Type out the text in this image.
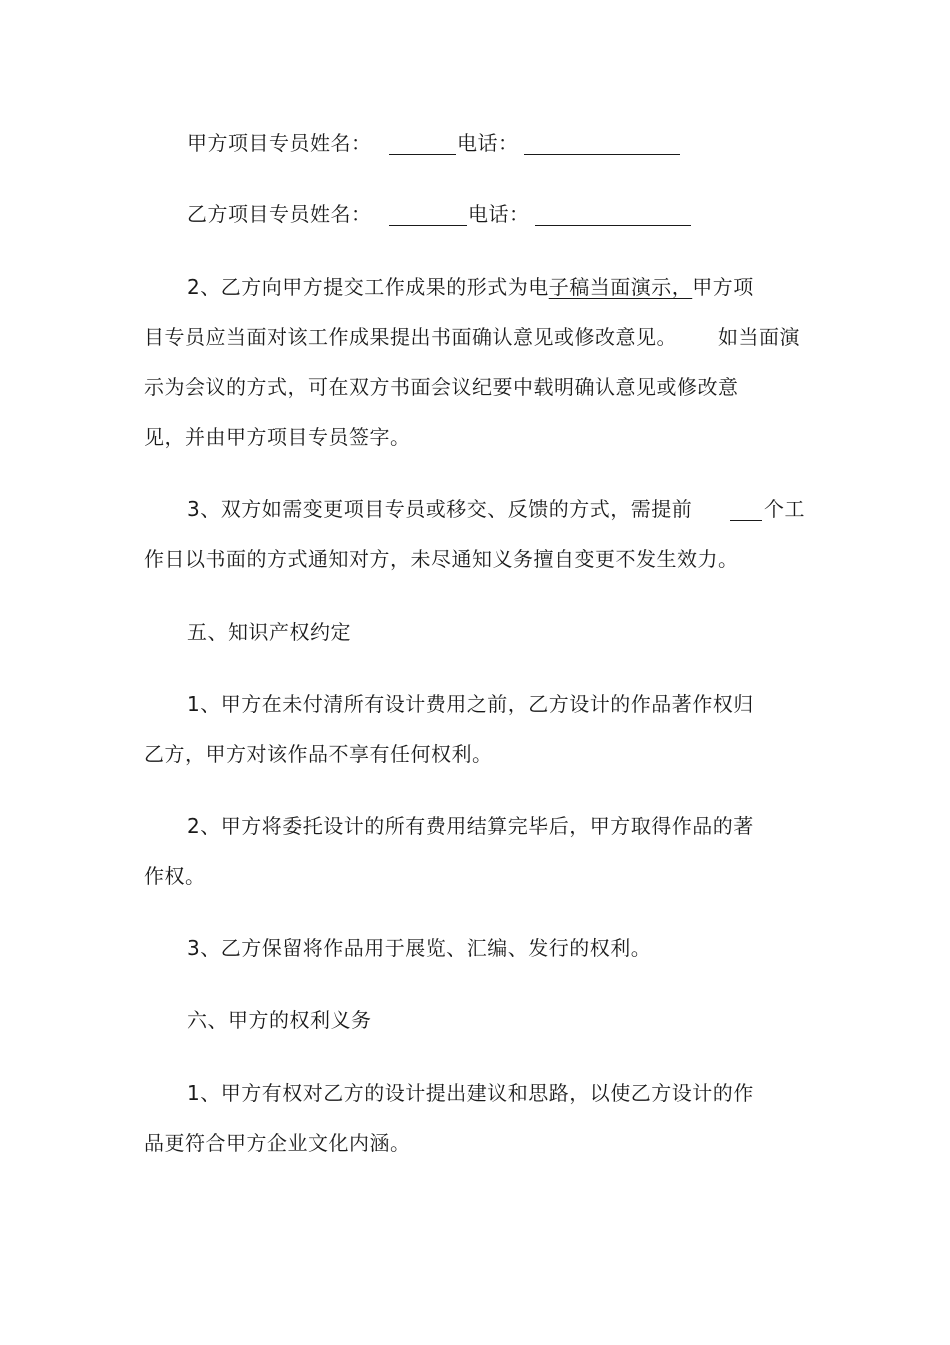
甲方项目专员姓名：	电话：
乙方项目专员姓名：	电话：
2、乙方向甲方提交工作成果的形式为电子稿当面演示，甲方项
目专员应当面对该工作成果提出书面确认意见或修改意见。 如当面演
示为会议的方式，可在双方书面会议纪要中载明确认意见或修改意
见，并由甲方项目专员签字。
3、双方如需变更项目专员或移交、反馈的方式，需提前	个工
作日以书面的方式通知对方，未尽通知义务擅自变更不发生效力。
五、知识产权约定
1、甲方在未付清所有设计费用之前，乙方设计的作品著作权归
乙方，甲方对该作品不享有任何权利。
2、甲方将委托设计的所有费用结算完毕后，甲方取得作品的著
作权。
3、乙方保留将作品用于展览、汇编、发行的权利。
六、甲方的权利义务
1、甲方有权对乙方的设计提出建议和思路，以使乙方设计的作
品更符合甲方企业文化内涵。
